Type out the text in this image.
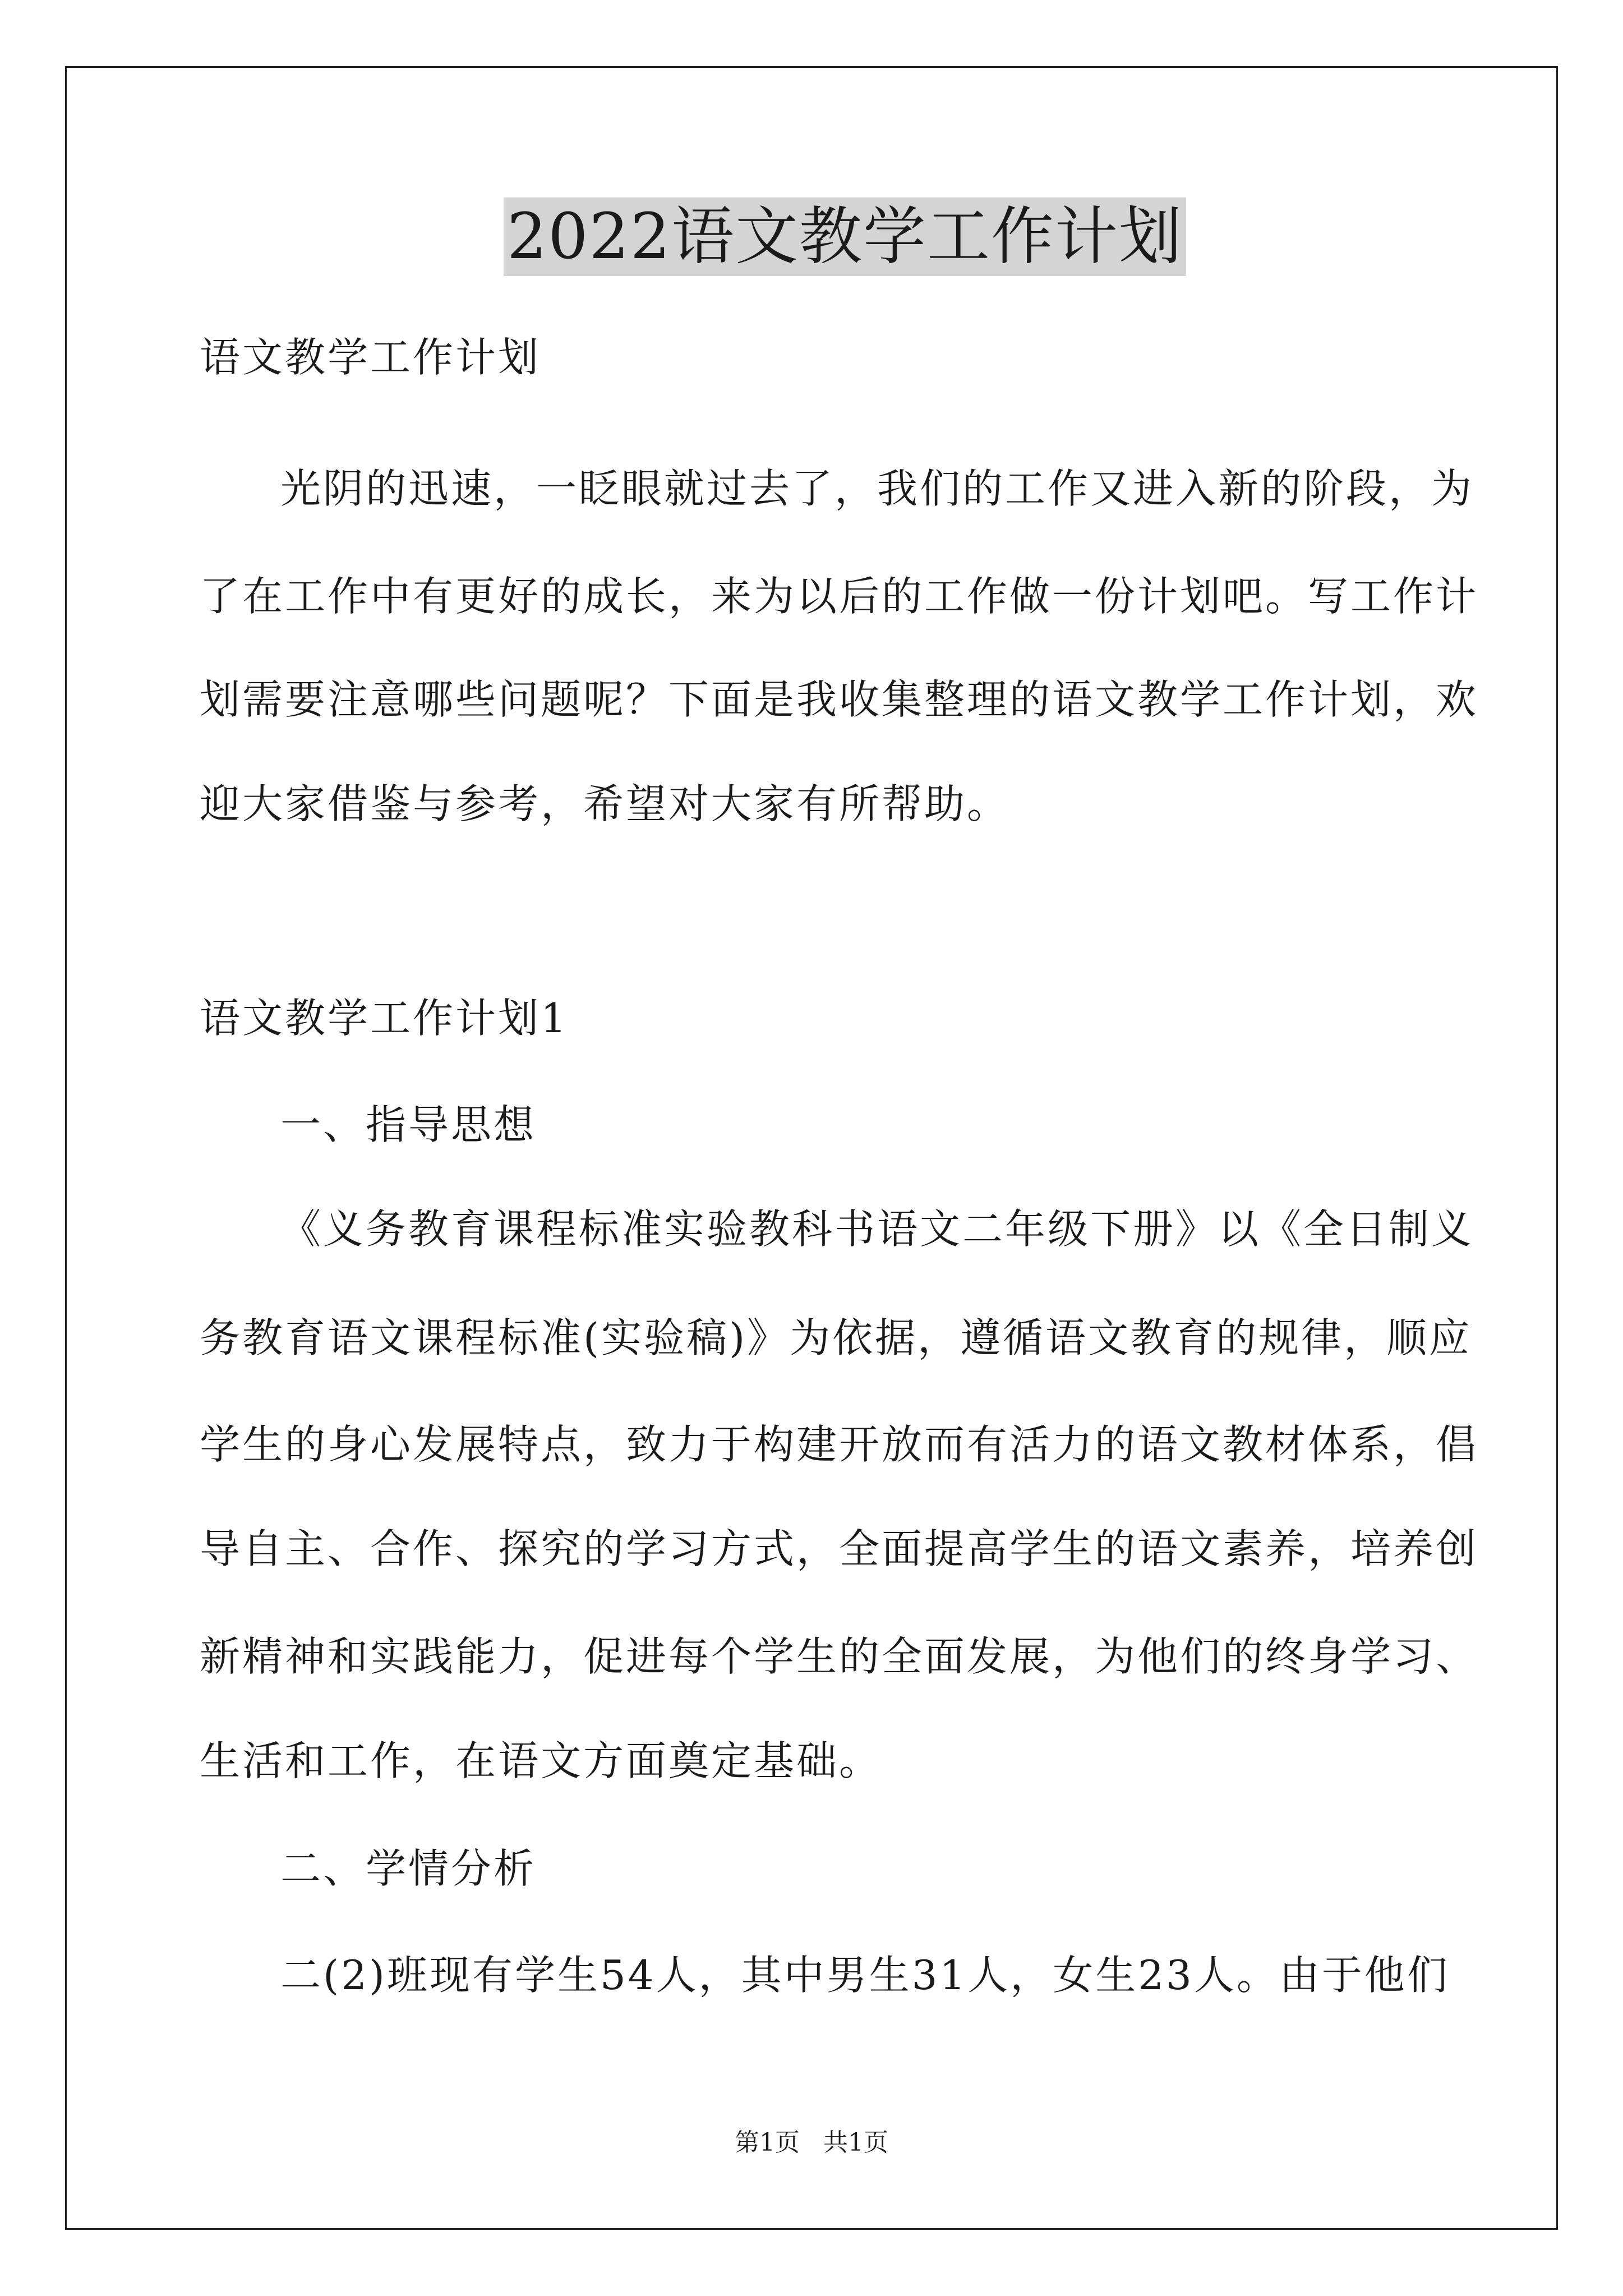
2022语文教学工作计划
语文教学工作计划
光阴的迅速，一眨眼就过去了，我们的工作又进入新的阶段，为
了在工作中有更好的成长，来为以后的工作做一份计划吧。写工作计
划需要注意哪些问题呢？下面是我收集整理的语文教学工作计划，欢
迎大家借鉴与参考，希望对大家有所帮助。
语文教学工作计划1
一、指导思想
《义务教育课程标准实验教科书语文二年级下册》以《全日制义
务教育语文课程标准(实验稿)》为依据，遵循语文教育的规律，顺应
学生的身心发展特点，致力于构建开放而有活力的语文教材体系，倡
导自主、合作、探究的学习方式，全面提高学生的语文素养，培养创
新精神和实践能力，促进每个学生的全面发展，为他们的终身学习、
生活和工作，在语文方面奠定基础。
二、学情分析
二(2)班现有学生54人，其中男生31人，女生23人。由于他们
第1页   共1页
